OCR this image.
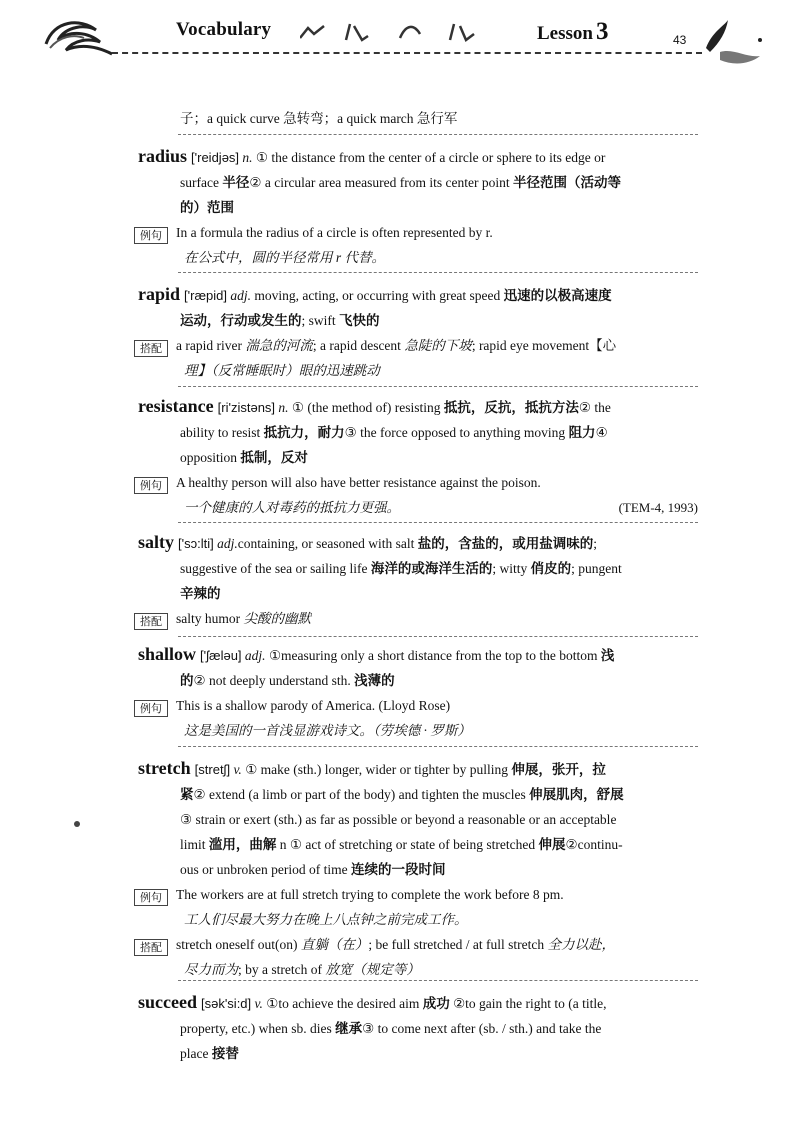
Vocabulary	Lesson 3	43
子；a quick curve 急转弯；a quick march 急行军
radius ['reidjəs] n. ① the distance from the center of a circle or sphere to its edge or
surface 半径② a circular area measured from its center point 半径范围（活动等
的）范围
例句 In a formula the radius of a circle is often represented by r.
在公式中，圆的半径常用 r 代替。
rapid ['ræpid] adj. moving, acting, or occurring with great speed 迅速的以极高速度
运动，行动或发生的; swift 飞快的
搭配 a rapid river 湍急的河流; a rapid descent 急陡的下坡; rapid eye movement【心
理】（反常睡眠时）眼的迅速跳动
resistance [ri'zistəns] n. ① (the method of) resisting 抵抗，反抗，抵抗方法② the
ability to resist 抵抗力，耐力③ the force opposed to anything moving 阻力④
opposition 抵制，反对
例句 A healthy person will also have better resistance against the poison.
一个健康的人对毒药的抵抗力更强。	(TEM-4, 1993)
salty ['sɔ:lti] adj.containing, or seasoned with salt 盐的，含盐的，或用盐调味的;
suggestive of the sea or sailing life 海洋的或海洋生活的; witty 俏皮的; pungent
辛辣的
搭配 salty humor 尖酸的幽默
shallow ['ʃæləu] adj. ①measuring only a short distance from the top to the bottom 浅
的② not deeply understand sth. 浅薄的
例句 This is a shallow parody of America. (Lloyd Rose)
这是美国的一首浅显游戏诗文。（劳埃德 · 罗斯）
stretch [stretʃ] v. ① make (sth.) longer, wider or tighter by pulling 伸展，张开，拉
紧② extend (a limb or part of the body) and tighten the muscles 伸展肌肉，舒展
③ strain or exert (sth.) as far as possible or beyond a reasonable or an acceptable
limit 滥用，曲解 n ① act of stretching or state of being stretched 伸展②continu-
ous or unbroken period of time 连续的一段时间
例句 The workers are at full stretch trying to complete the work before 8 pm.
工人们尽最大努力在晚上八点钟之前完成工作。
搭配 stretch oneself out(on) 直躺（在）; be full stretched / at full stretch 全力以赴，
尽力而为; by a stretch of 放宽（规定等）
succeed [sək'si:d] v. ①to achieve the desired aim 成功 ②to gain the right to (a title,
property, etc.) when sb. dies 继承③ to come next after (sb. / sth.) and take the
place 接替
